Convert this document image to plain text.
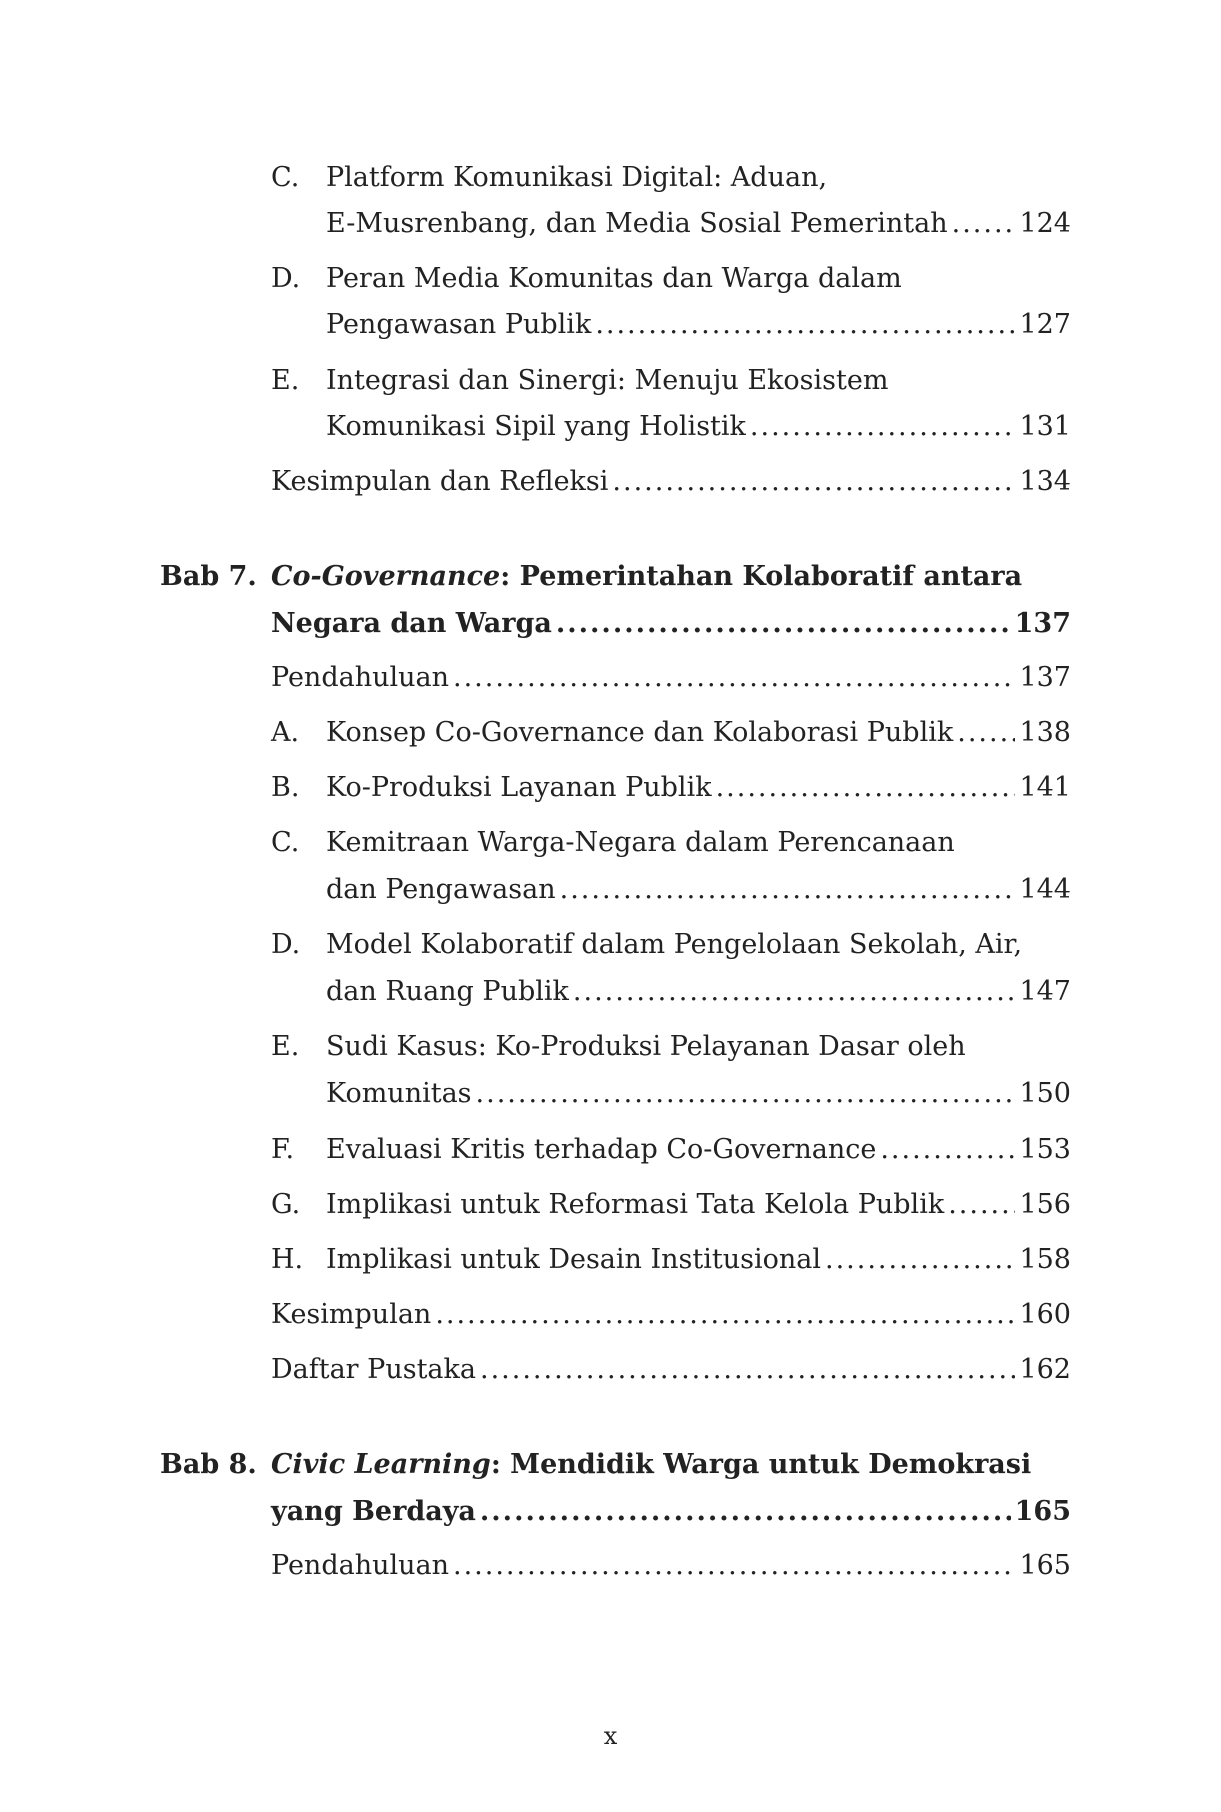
C. Platform Komunikasi Digital: Aduan,
E-Musrenbang, dan Media Sosial Pemerintah .....	124
D. Peran Media Komunitas dan Warga dalam
Pengawasan Publik .....	127
E. Integrasi dan Sinergi: Menuju Ekosistem
Komunikasi Sipil yang Holistik .....	131
Kesimpulan dan Refleksi .....	134
Bab 7. Co-Governance: Pemerintahan Kolaboratif antara
Negara dan Warga .....	137
Pendahuluan .....	137
A. Konsep Co-Governance dan Kolaborasi Publik ..... 138
B. Ko-Produksi Layanan Publik .....	141
C. Kemitraan Warga-Negara dalam Perencanaan
dan Pengawasan .....	144
D. Model Kolaboratif dalam Pengelolaan Sekolah, Air,
dan Ruang Publik .....	147
E. Sudi Kasus: Ko-Produksi Pelayanan Dasar oleh
Komunitas .....	150
F. Evaluasi Kritis terhadap Co-Governance .....	153
G. Implikasi untuk Reformasi Tata Kelola Publik .....	156
H. Implikasi untuk Desain Institusional .....	158
Kesimpulan .....	160
Daftar Pustaka .....	162
Bab 8. Civic Learning: Mendidik Warga untuk Demokrasi
yang Berdaya .....	165
Pendahuluan .....	165
x
